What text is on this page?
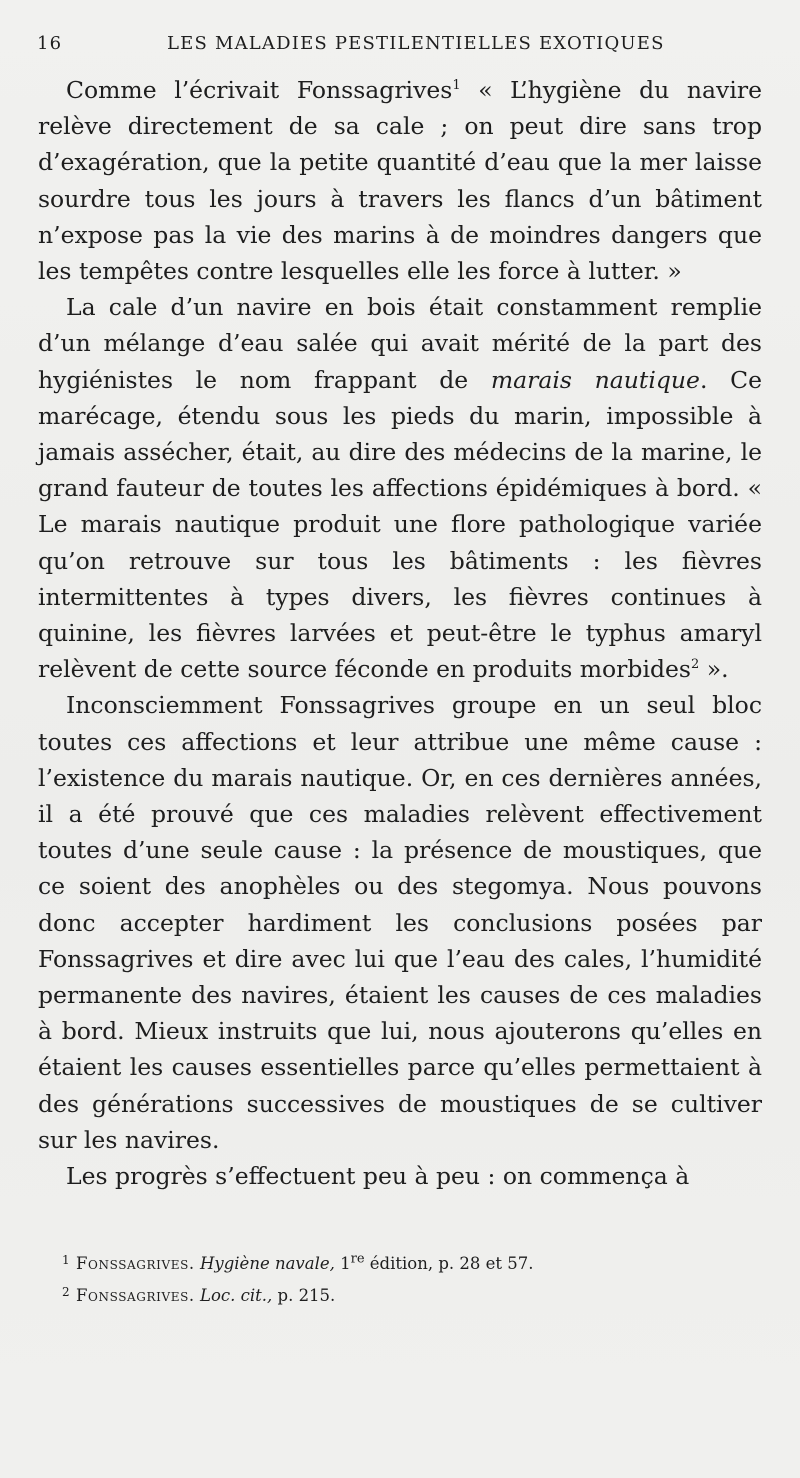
16	LES MALADIES PESTILENTIELLES EXOTIQUES

Comme l’écrivait Fonssagrives$^1$ « L’hygiène du navire relève directement de sa cale ; on peut dire sans trop d’exagération, que la petite quantité d’eau que la mer laisse sourdre tous les jours à travers les flancs d’un bâtiment n’expose pas la vie des marins à de moindres dangers que les tempêtes contre lesquelles elle les force à lutter. »

La cale d’un navire en bois était constamment remplie d’un mélange d’eau salée qui avait mérité de la part des hygiénistes le nom frappant de marais nautique. Ce marécage, étendu sous les pieds du marin, impossible à jamais assécher, était, au dire des médecins de la marine, le grand fauteur de toutes les affections épidémiques à bord. « Le marais nautique produit une flore pathologique variée qu’on retrouve sur tous les bâtiments : les fièvres intermittentes à types divers, les fièvres continues à quinine, les fièvres larvées et peut-être le typhus amaryl relèvent de cette source féconde en produits morbides$^2$ ».

Inconsciemment Fonssagrives groupe en un seul bloc toutes ces affections et leur attribue une même cause : l’existence du marais nautique. Or, en ces dernières années, il a été prouvé que ces maladies relèvent effectivement toutes d’une seule cause : la présence de moustiques, que ce soient des anophèles ou des stegomya. Nous pouvons donc accepter hardiment les conclusions posées par Fonssagrives et dire avec lui que l’eau des cales, l’humidité permanente des navires, étaient les causes de ces maladies à bord. Mieux instruits que lui, nous ajouterons qu’elles en étaient les causes essentielles parce qu’elles permettaient à des générations successives de moustiques de se cultiver sur les navires.

Les progrès s’effectuent peu à peu : on commença à

1 Fonssagrives. Hygiène navale, 1re édition, p. 28 et 57.
2 Fonssagrives. Loc. cit., p. 215.
